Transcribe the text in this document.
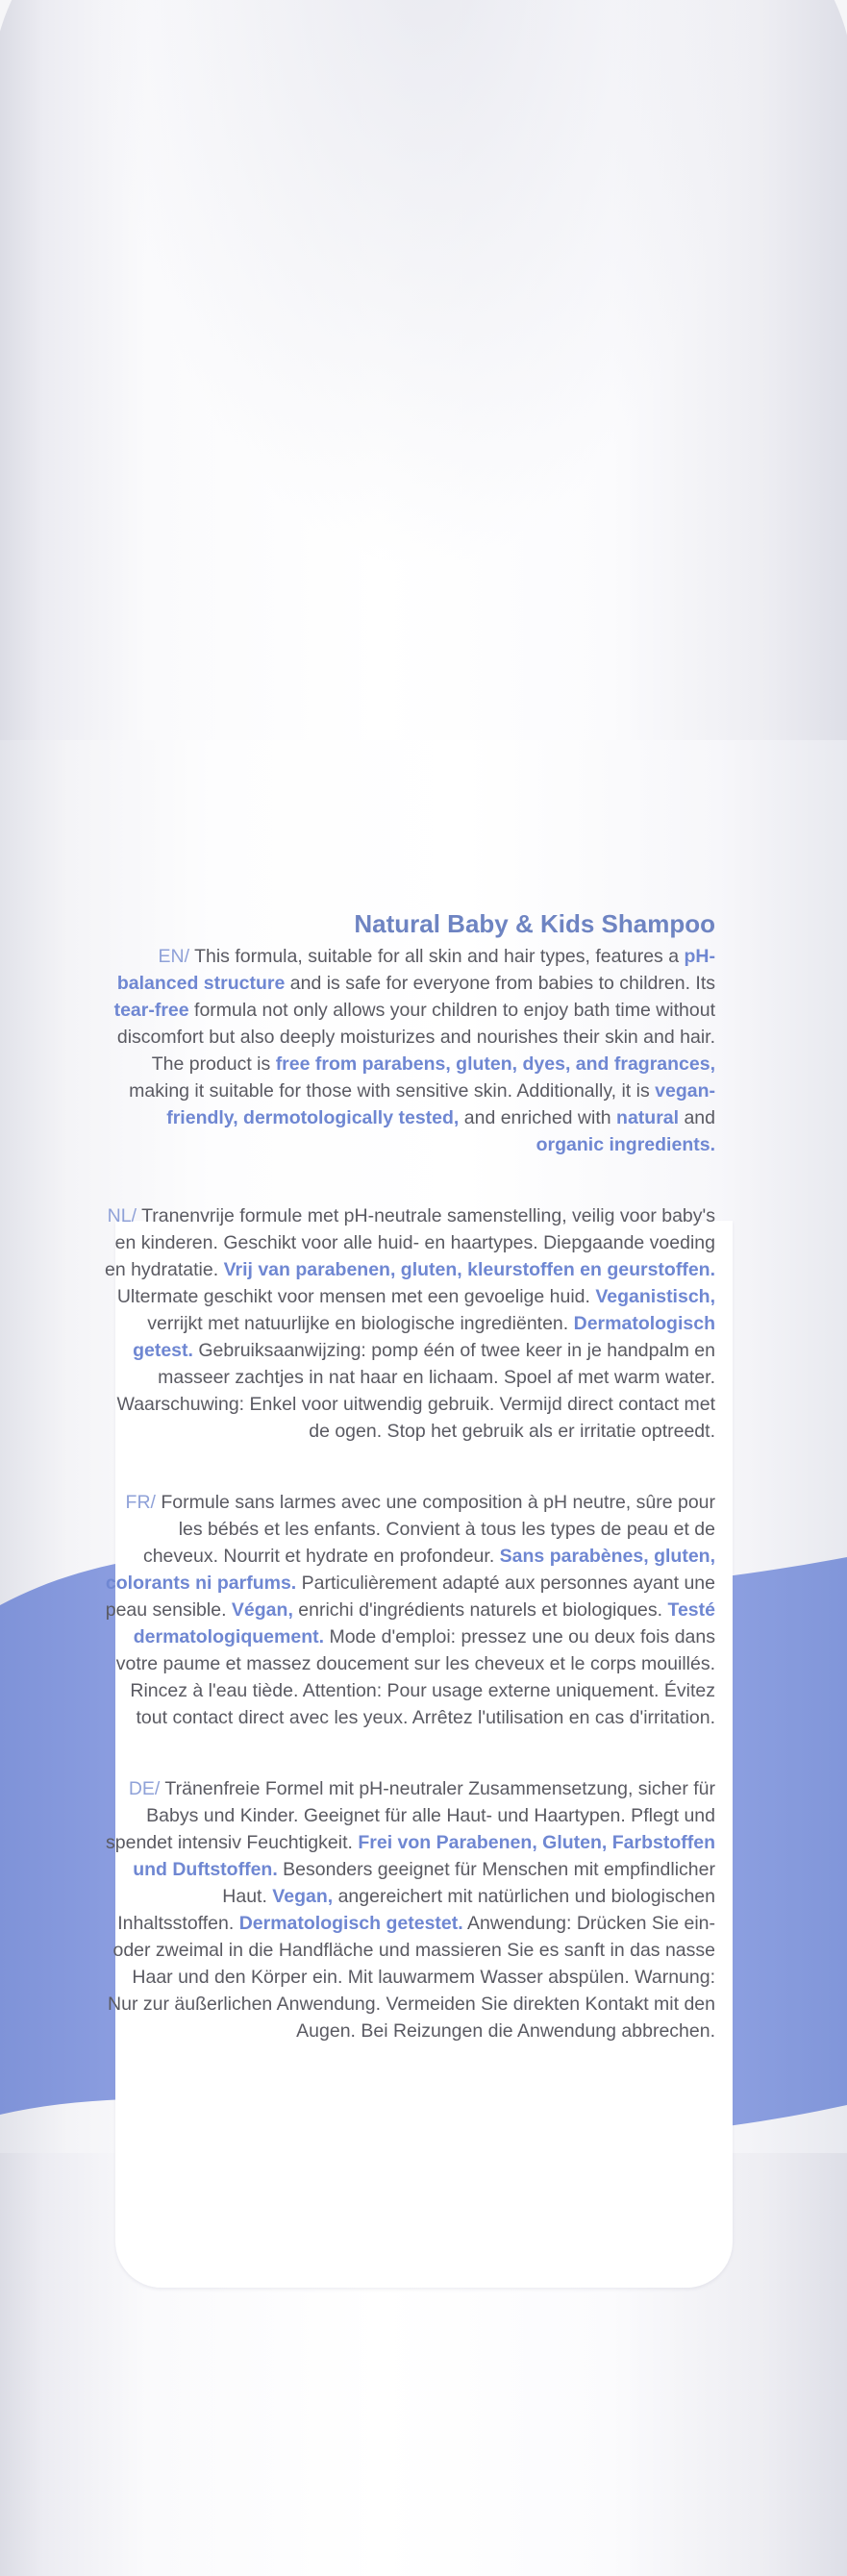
Natural Baby & Kids Shampoo

EN/ This formula, suitable for all skin and hair types, features a pH-balanced structure and is safe for everyone from babies to children. Its tear-free formula not only allows your children to enjoy bath time without discomfort but also deeply moisturizes and nourishes their skin and hair. The product is free from parabens, gluten, dyes, and fragrances, making it suitable for those with sensitive skin. Additionally, it is vegan-friendly, dermotologically tested, and enriched with natural and organic ingredients.

NL/ Tranenvrije formule met pH-neutrale samenstelling, veilig voor baby's en kinderen. Geschikt voor alle huid- en haartypes. Diepgaande voeding en hydratatie. Vrij van parabenen, gluten, kleurstoffen en geurstoffen. Ultermate geschikt voor mensen met een gevoelige huid. Veganistisch, verrijkt met natuurlijke en biologische ingrediënten. Dermatologisch getest. Gebruiksaanwijzing: pomp één of twee keer in je handpalm en masseer zachtjes in nat haar en lichaam. Spoel af met warm water. Waarschuwing: Enkel voor uitwendig gebruik. Vermijd direct contact met de ogen. Stop het gebruik als er irritatie optreedt.

FR/ Formule sans larmes avec une composition à pH neutre, sûre pour les bébés et les enfants. Convient à tous les types de peau et de cheveux. Nourrit et hydrate en profondeur. Sans parabènes, gluten, colorants ni parfums. Particulièrement adapté aux personnes ayant une peau sensible. Végan, enrichi d'ingrédients naturels et biologiques. Testé dermatologiquement. Mode d'emploi: pressez une ou deux fois dans votre paume et massez doucement sur les cheveux et le corps mouillés. Rincez à l'eau tiède. Attention: Pour usage externe uniquement. Évitez tout contact direct avec les yeux. Arrêtez l'utilisation en cas d'irritation.

DE/ Tränenfreie Formel mit pH-neutraler Zusammensetzung, sicher für Babys und Kinder. Geeignet für alle Haut- und Haartypen. Pflegt und spendet intensiv Feuchtigkeit. Frei von Parabenen, Gluten, Farbstoffen und Duftstoffen. Besonders geeignet für Menschen mit empfindlicher Haut. Vegan, angereichert mit natürlichen und biologischen Inhaltsstoffen. Dermatologisch getestet. Anwendung: Drücken Sie ein- oder zweimal in die Handfläche und massieren Sie es sanft in das nasse Haar und den Körper ein. Mit lauwarmem Wasser abspülen. Warnung: Nur zur äußerlichen Anwendung. Vermeiden Sie direkten Kontakt mit den Augen. Bei Reizungen die Anwendung abbrechen.
